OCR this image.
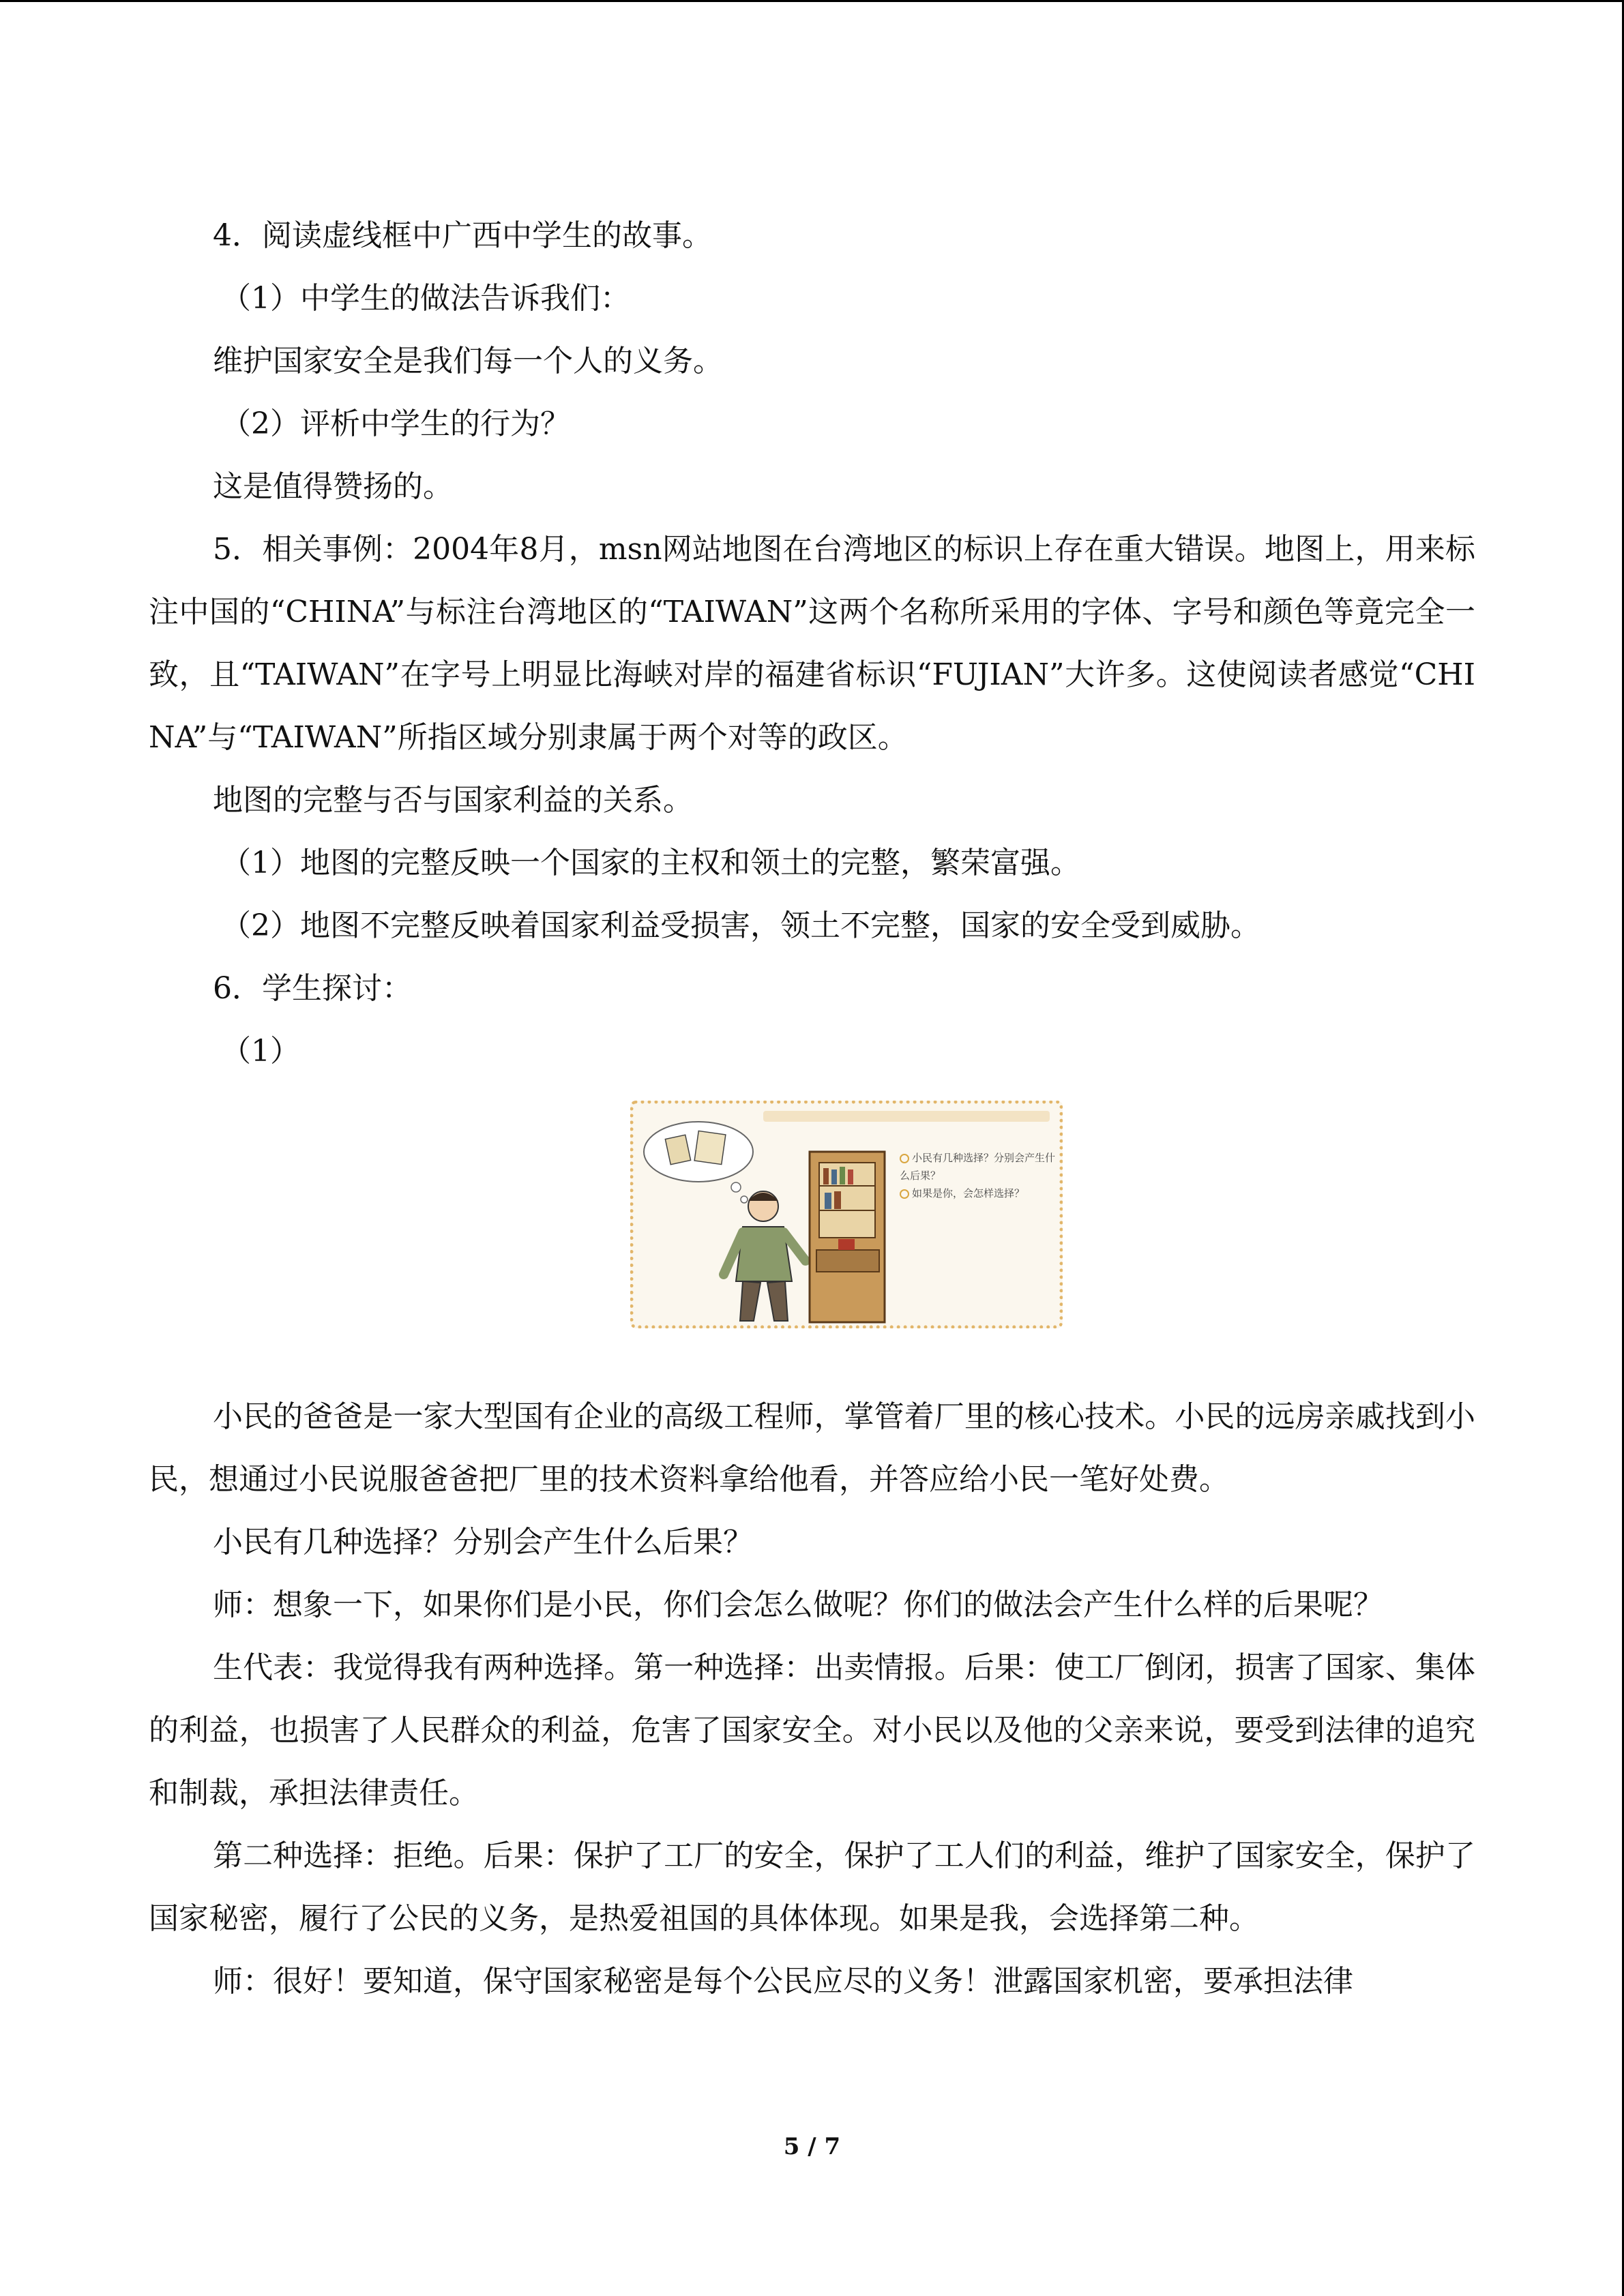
4．阅读虚线框中广西中学生的故事。

（1）中学生的做法告诉我们：

维护国家安全是我们每一个人的义务。

（2）评析中学生的行为？

这是值得赞扬的。

5．相关事例：2004年8月，msn网站地图在台湾地区的标识上存在重大错误。地图上，用来标注中国的“CHINA”与标注台湾地区的“TAIWAN”这两个名称所采用的字体、字号和颜色等竟完全一致，且“TAIWAN”在字号上明显比海峡对岸的福建省标识“FUJIAN”大许多。这使阅读者感觉“CHINA”与“TAIWAN”所指区域分别隶属于两个对等的政区。

地图的完整与否与国家利益的关系。

（1）地图的完整反映一个国家的主权和领土的完整，繁荣富强。

（2）地图不完整反映着国家利益受损害，领土不完整，国家的安全受到威胁。

6．学生探讨：

（1）

小民有几种选择？分别会产生什么后果？
如果是你，会怎样选择？

小民的爸爸是一家大型国有企业的高级工程师，掌管着厂里的核心技术。小民的远房亲戚找到小民，想通过小民说服爸爸把厂里的技术资料拿给他看，并答应给小民一笔好处费。

小民有几种选择？分别会产生什么后果？

师：想象一下，如果你们是小民，你们会怎么做呢？你们的做法会产生什么样的后果呢？

生代表：我觉得我有两种选择。第一种选择：出卖情报。后果：使工厂倒闭，损害了国家、集体的利益，也损害了人民群众的利益，危害了国家安全。对小民以及他的父亲来说，要受到法律的追究和制裁，承担法律责任。

第二种选择：拒绝。后果：保护了工厂的安全，保护了工人们的利益，维护了国家安全，保护了国家秘密，履行了公民的义务，是热爱祖国的具体体现。如果是我，会选择第二种。

师：很好！要知道，保守国家秘密是每个公民应尽的义务！泄露国家机密，要承担法律

5 / 7
